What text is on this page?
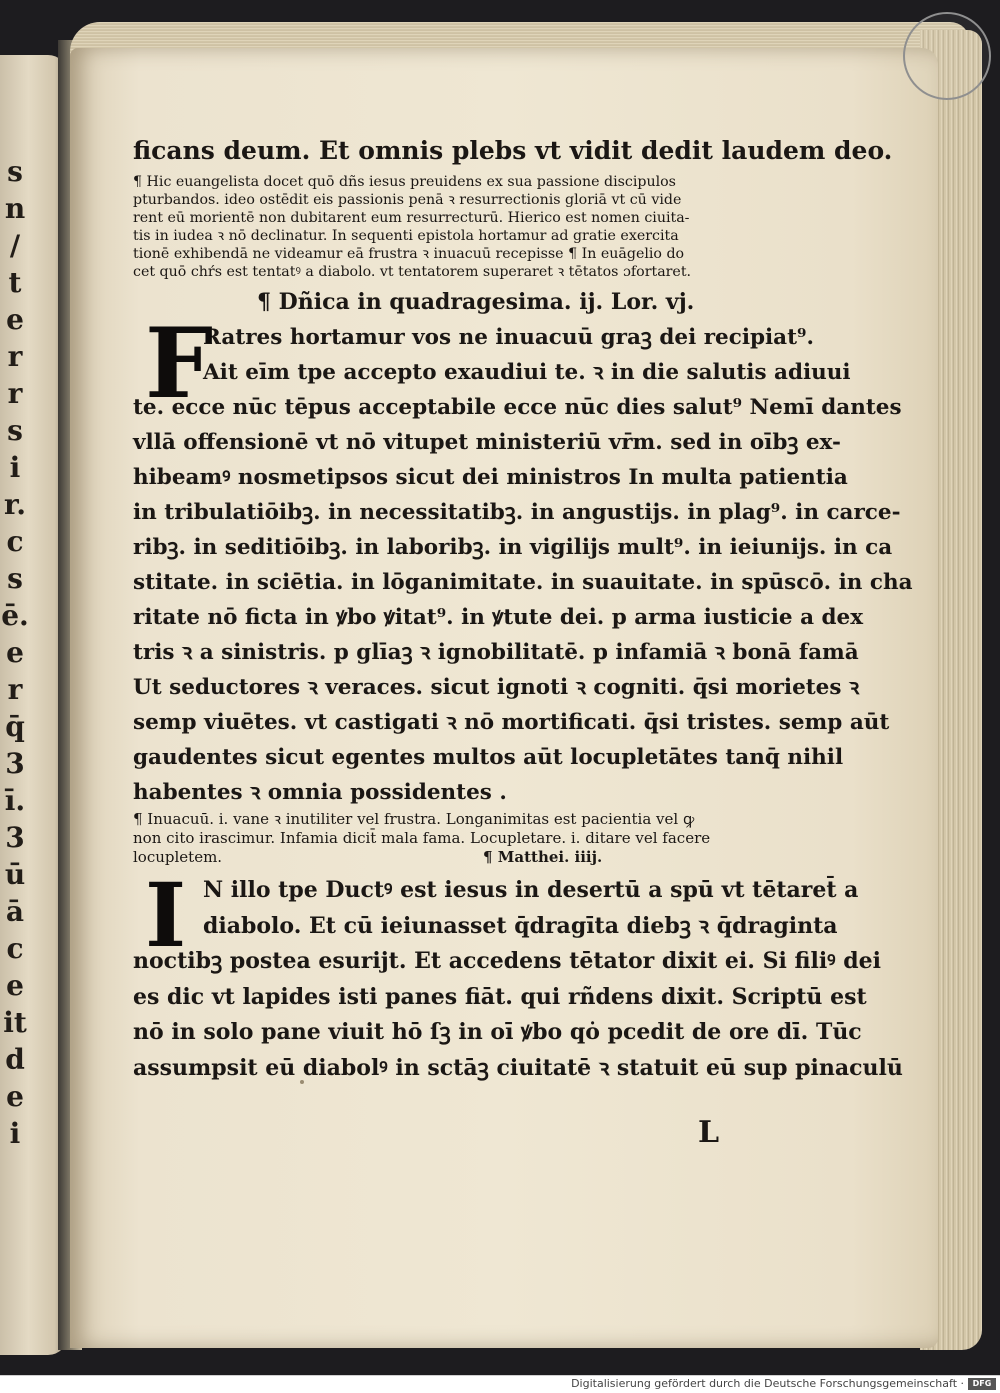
s
n
/
t
e
r
r
s
i
r.
c
s
ē.
e
r
q̄
3
ī.
3
ū
ā
c
e
it
d
e
i
ficans deum. Et omnis plebs vt vidit dedit laudem deo.
¶ Hic euangelista docet quō dñs iesus preuidens ex sua passione discipulos
pturbandos. ideo ostēdit eis passionis penā ꝛ resurrectionis gloriā vt cū vide
rent eū morientē non dubitarent eum resurrecturū. Hierico est nomen ciuita-
tis in iudea ꝛ nō declinatur. In sequenti epistola hortamur ad gratie exercita
tionē exhibendā ne videamur eā frustra ꝛ inuacuū recepisse ¶ In euāgelio do
cet quō chŕs est tentatꝰ a diabolo. vt tentatorem superaret ꝛ tētatos ɔfortaret.
¶ Dñica in quadragesima. ij. Lor. vj.
F
Ratres hortamur vos ne inuacuū graꝫ dei recipiat⁹.
Ait eīm tpe accepto exaudiui te. ꝛ in die salutis adiuui
te. ecce nūc tēpus acceptabile ecce nūc dies salut⁹ Nemī dantes
vllā offensionē vt nō vitupet ministeriū vr̄m. sed in oībꝫ ex-
hibeamꝰ nosmetipsos sicut dei ministros In multa patientia
in tribulatiōibꝫ. in necessitatibꝫ. in angustijs. in plag⁹. in carce-
ribꝫ. in seditiōibꝫ. in laboribꝫ. in vigilijs mult⁹. in ieiunijs. in ca
stitate. in sciētia. in lōganimitate. in suauitate. in spūscō. in cha
ritate nō ficta in ꝟbo ꝟitat⁹. in ꝟtute dei. p arma iusticie a dex
tris ꝛ a sinistris. p glīaꝫ ꝛ ignobilitatē. p infamiā ꝛ bonā famā
Ut seductores ꝛ veraces. sicut ignoti ꝛ cogniti. q̄si morietes ꝛ
semp viuētes. vt castigati ꝛ nō mortificati. q̄si tristes. semp aūt
gaudentes sicut egentes multos aūt locupletātes tanq̄ nihil
habentes ꝛ omnia possidentes .
¶ Inuacuū. i. vane ꝛ inutiliter vel frustra. Longanimitas est pacientia vel ꝙ
non cito irascimur. Infamia dicit̄ mala fama. Locupletare. i. ditare vel facere
locupletem.	¶ Matthei. iiij.
I N illo tpe Ductꝰ est iesus in desertū a spū vt tētaret̄ a
diabolo. Et cū ieiunasset q̄dragīta diebꝫ ꝛ q̄draginta
noctibꝫ postea esurijt. Et accedens tētator dixit ei. Si filiꝰ dei
es dic vt lapides isti panes fiāt. qui rñdens dixit. Scriptū est
nō in solo pane viuit hō ſꝫ in oī ꝟbo qȯ pcedit de ore dī. Tūc
assumpsit eū diabolꝰ in sctāꝫ ciuitatē ꝛ statuit eū sup pinaculū
L
Digitalisierung gefördert durch die Deutsche Forschungsgemeinschaft ·	DFG
